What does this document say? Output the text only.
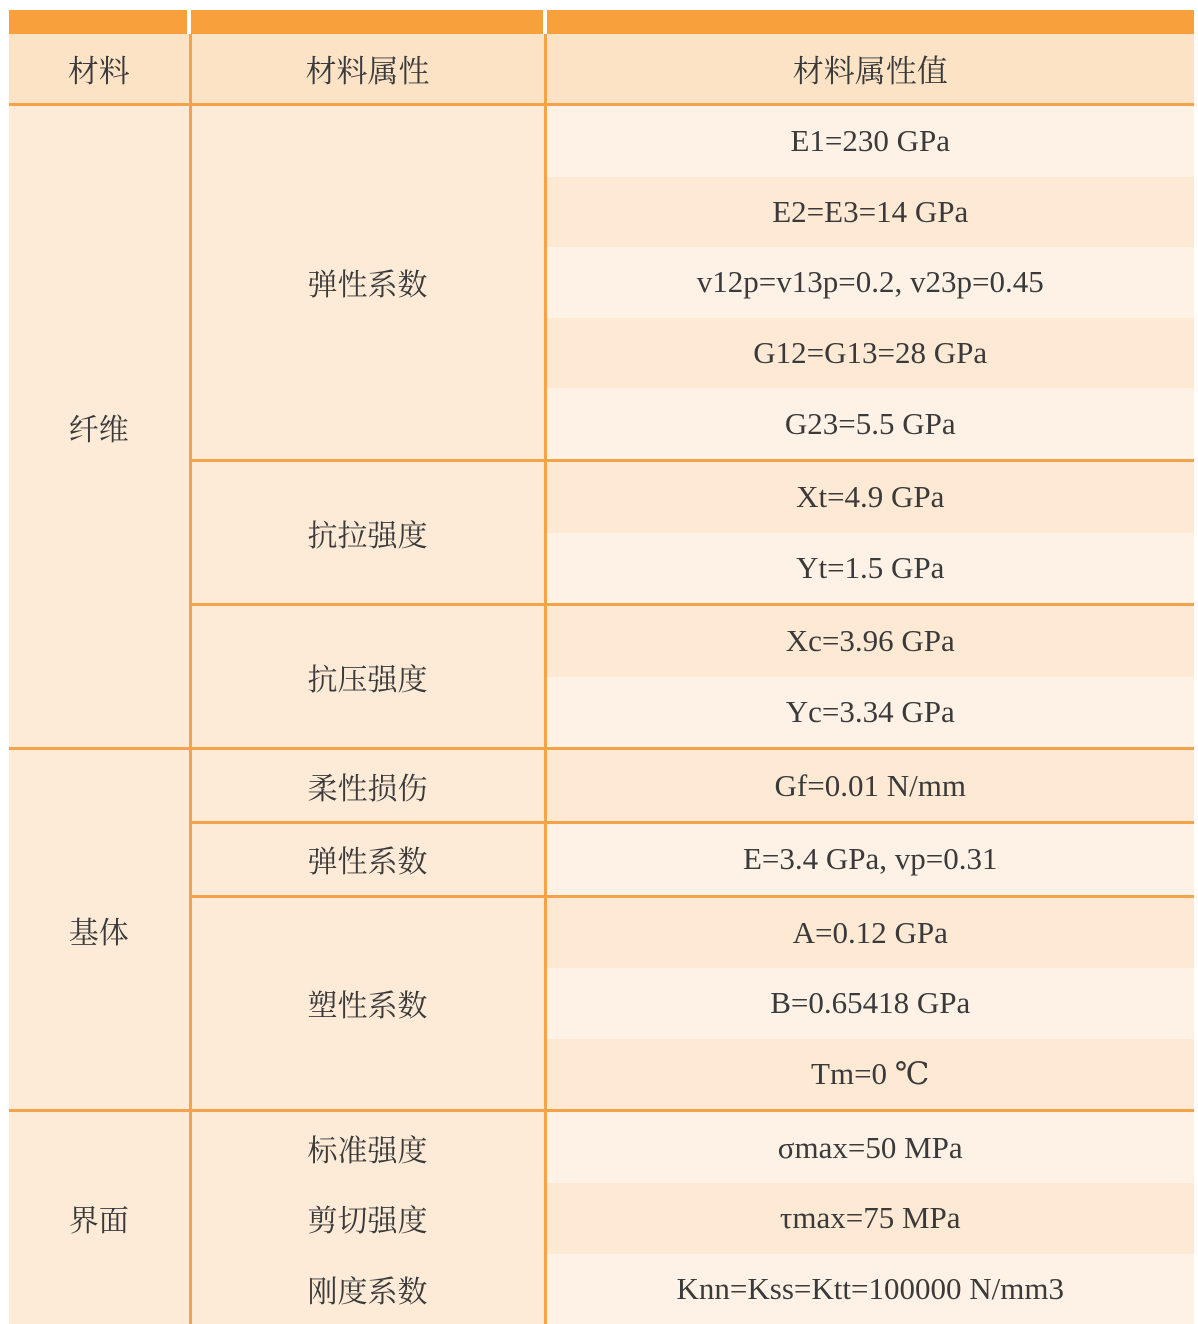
材料	材料属性	材料属性值
纤维	弹性系数	E1=230 GPa
		E2=E3=14 GPa
		v12p=v13p=0.2, v23p=0.45
		G12=G13=28 GPa
		G23=5.5 GPa
	抗拉强度	Xt=4.9 GPa
		Yt=1.5 GPa
	抗压强度	Xc=3.96 GPa
		Yc=3.34 GPa
基体	柔性损伤	Gf=0.01 N/mm
	弹性系数	E=3.4 GPa, vp=0.31
	塑性系数	A=0.12 GPa
		B=0.65418 GPa
		Tm=0 ℃
界面	标准强度	σmax=50 MPa
	剪切强度	τmax=75 MPa
	刚度系数	Knn=Kss=Ktt=100000 N/mm3
